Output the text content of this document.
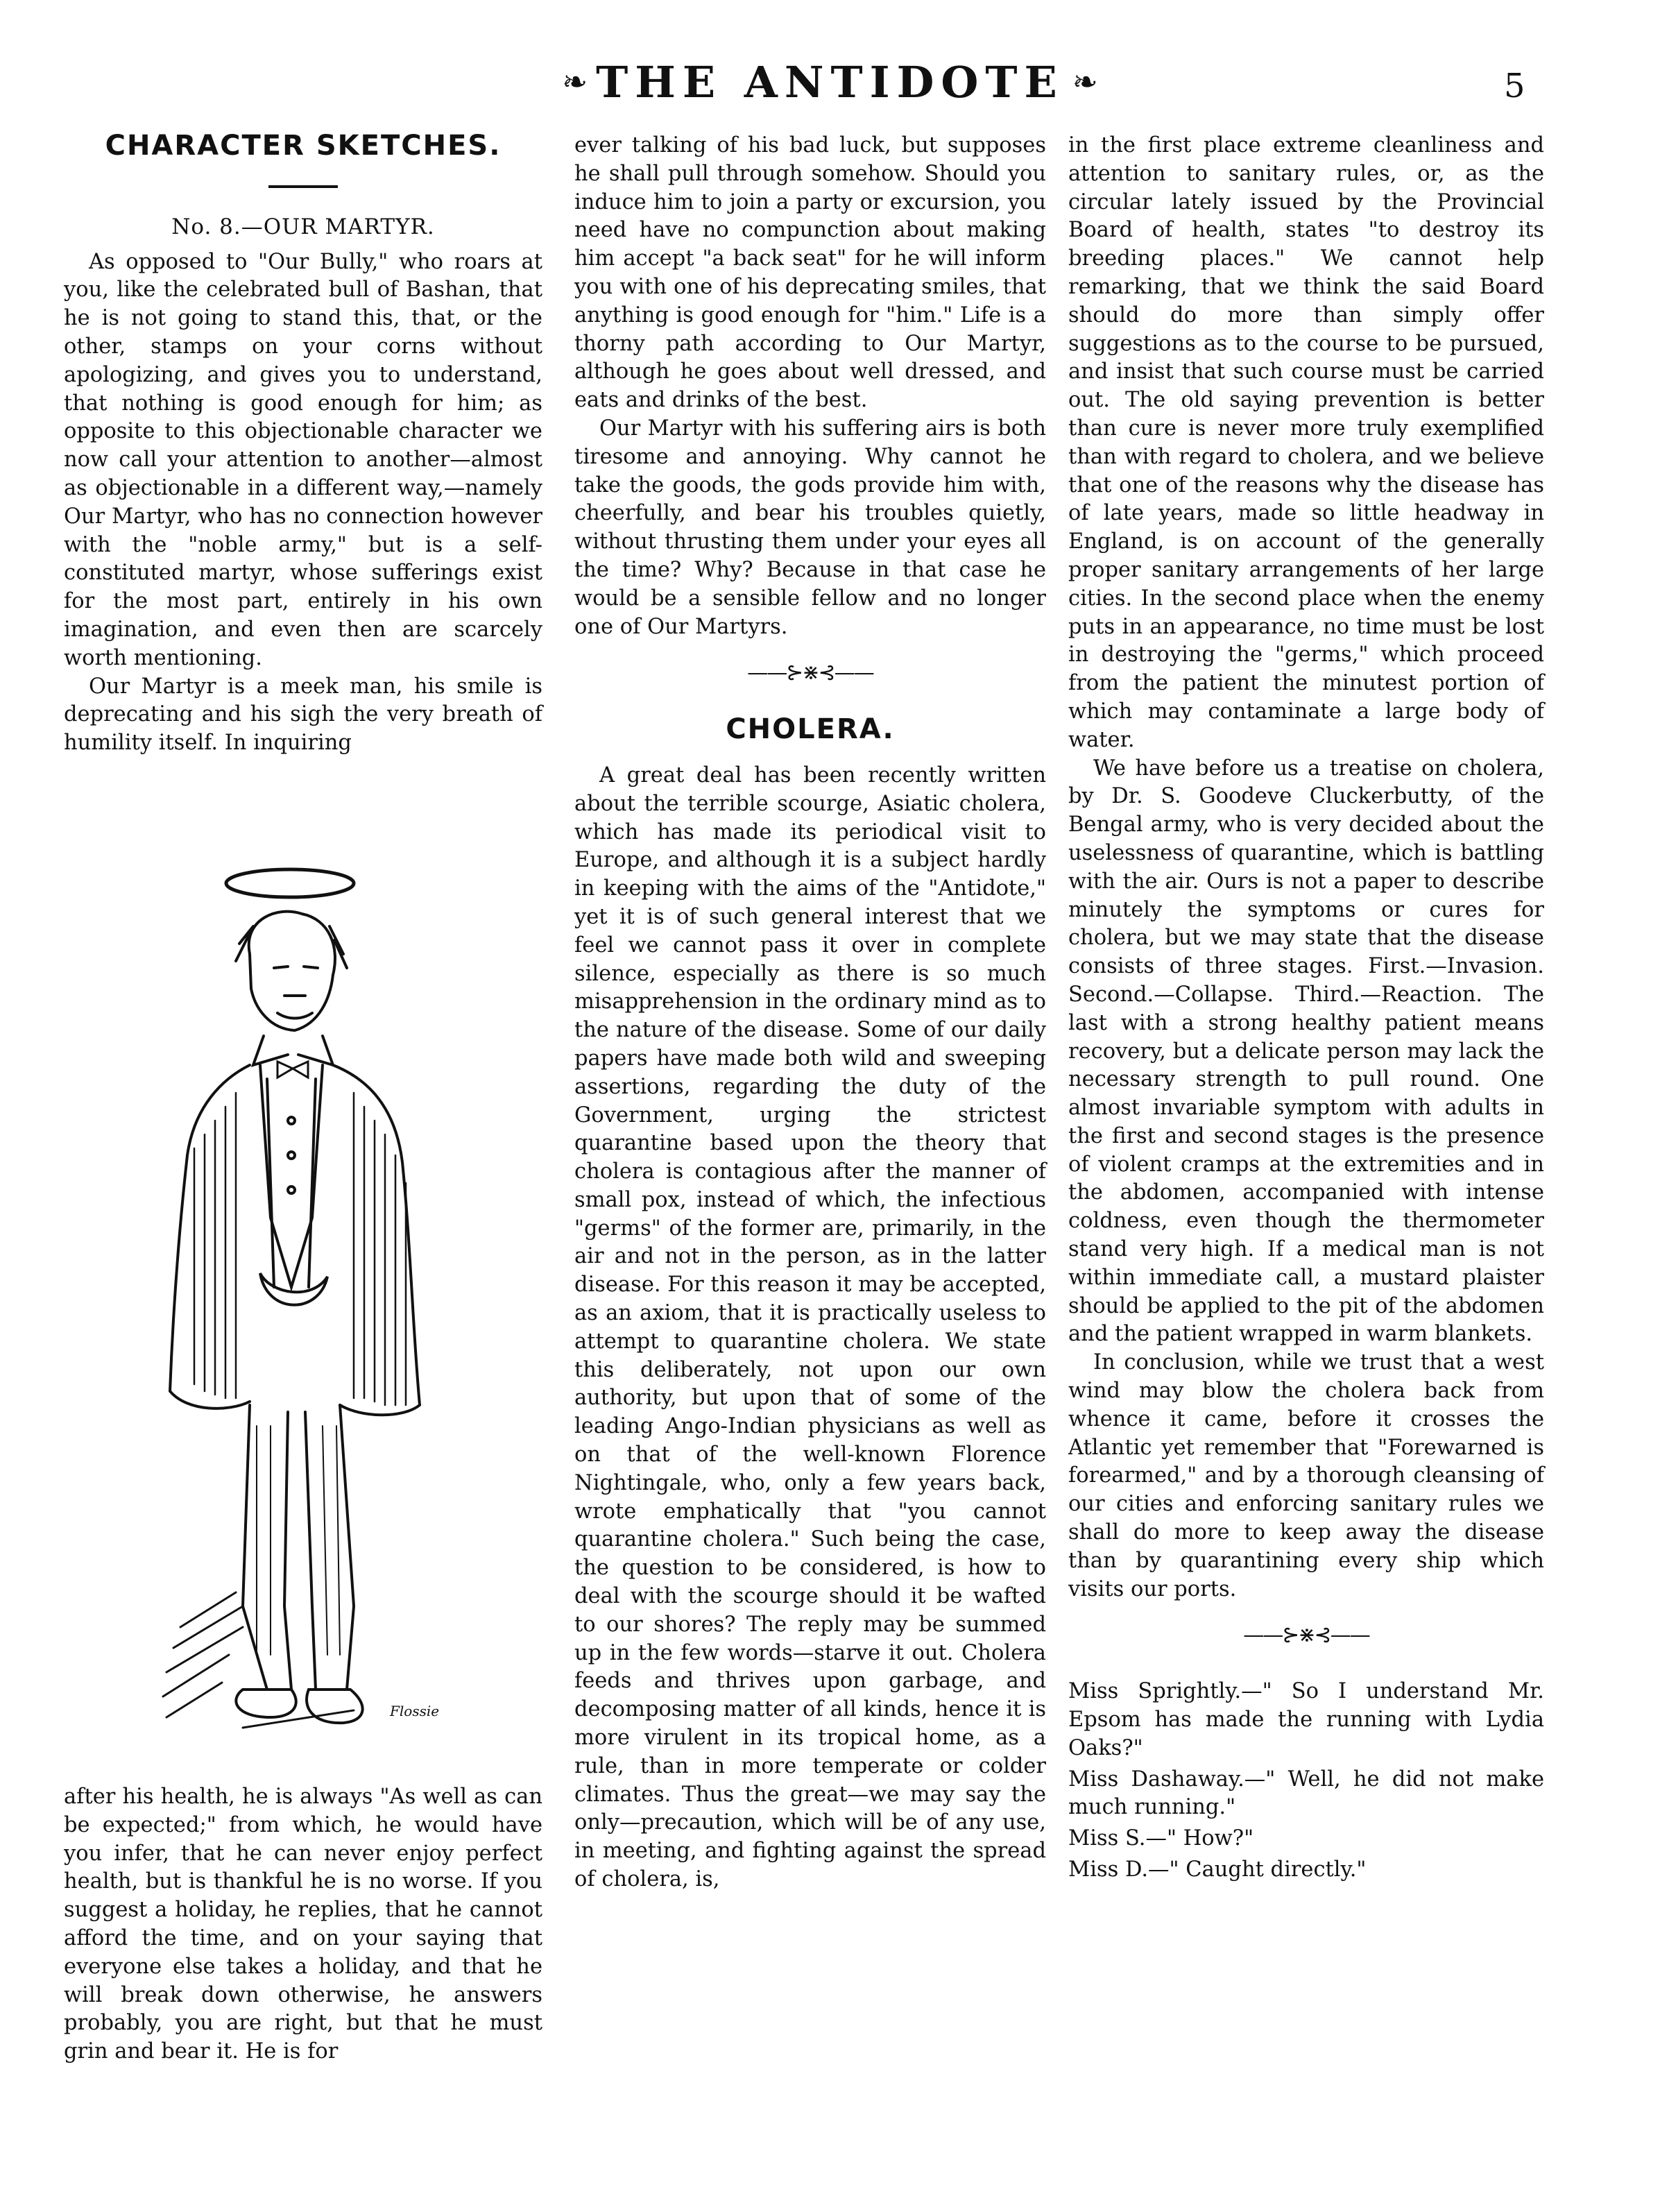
❧ THE ANTIDOTE ❧	5
CHARACTER SKETCHES.
No. 8.—OUR MARTYR.

As opposed to "Our Bully," who roars at you, like the celebrated bull of Bashan, that he is not going to stand this, that, or the other, stamps on your corns without apologizing, and gives you to understand, that nothing is good enough for him; as opposite to this objectionable character we now call your attention to another—almost as objectionable in a different way,—namely Our Martyr, who has no connection however with the "noble army," but is a self-constituted martyr, whose sufferings exist for the most part, entirely in his own imagination, and even then are scarcely worth mentioning.

Our Martyr is a meek man, his smile is deprecating and his sigh the very breath of humility itself. In inquiring

Flossie

after his health, he is always "As well as can be expected;" from which, he would have you infer, that he can never enjoy perfect health, but is thankful he is no worse. If you suggest a holiday, he replies, that he cannot afford the time, and on your saying that everyone else takes a holiday, and that he will break down otherwise, he answers probably, you are right, but that he must grin and bear it. He is for

ever talking of his bad luck, but supposes he shall pull through somehow. Should you induce him to join a party or excursion, you need have no compunction about making him accept "a back seat" for he will inform you with one of his deprecating smiles, that anything is good enough for "him." Life is a thorny path according to Our Martyr, although he goes about well dressed, and eats and drinks of the best.

Our Martyr with his suffering airs is both tiresome and annoying. Why cannot he take the goods, the gods provide him with, cheerfully, and bear his troubles quietly, without thrusting them under your eyes all the time? Why? Because in that case he would be a sensible fellow and no longer one of Our Martyrs.

——⊱⋇⊰——
CHOLERA.

A great deal has been recently written about the terrible scourge, Asiatic cholera, which has made its periodical visit to Europe, and although it is a subject hardly in keeping with the aims of the "Antidote," yet it is of such general interest that we feel we cannot pass it over in complete silence, especially as there is so much misapprehension in the ordinary mind as to the nature of the disease. Some of our daily papers have made both wild and sweeping assertions, regarding the duty of the Government, urging the strictest quarantine based upon the theory that cholera is contagious after the manner of small pox, instead of which, the infectious "germs" of the former are, primarily, in the air and not in the person, as in the latter disease. For this reason it may be accepted, as an axiom, that it is practically useless to attempt to quarantine cholera. We state this deliberately, not upon our own authority, but upon that of some of the leading Ango-Indian physicians as well as on that of the well-known Florence Nightingale, who, only a few years back, wrote emphatically that "you cannot quarantine cholera." Such being the case, the question to be considered, is how to deal with the scourge should it be wafted to our shores? The reply may be summed up in the few words—starve it out. Cholera feeds and thrives upon garbage, and decomposing matter of all kinds, hence it is more virulent in its tropical home, as a rule, than in more temperate or colder climates. Thus the great—we may say the only—precaution, which will be of any use, in meeting, and fighting against the spread of cholera, is,

in the first place extreme cleanliness and attention to sanitary rules, or, as the circular lately issued by the Provincial Board of health, states "to destroy its breeding places." We cannot help remarking, that we think the said Board should do more than simply offer suggestions as to the course to be pursued, and insist that such course must be carried out. The old saying prevention is better than cure is never more truly exemplified than with regard to cholera, and we believe that one of the reasons why the disease has of late years, made so little headway in England, is on account of the generally proper sanitary arrangements of her large cities. In the second place when the enemy puts in an appearance, no time must be lost in destroying the "germs," which proceed from the patient the minutest portion of which may contaminate a large body of water.

We have before us a treatise on cholera, by Dr. S. Goodeve Cluckerbutty, of the Bengal army, who is very decided about the uselessness of quarantine, which is battling with the air. Ours is not a paper to describe minutely the symptoms or cures for cholera, but we may state that the disease consists of three stages. First.—Invasion. Second.—Collapse. Third.—Reaction. The last with a strong healthy patient means recovery, but a delicate person may lack the necessary strength to pull round. One almost invariable symptom with adults in the first and second stages is the presence of violent cramps at the extremities and in the abdomen, accompanied with intense coldness, even though the thermometer stand very high. If a medical man is not within immediate call, a mustard plaister should be applied to the pit of the abdomen and the patient wrapped in warm blankets.

In conclusion, while we trust that a west wind may blow the cholera back from whence it came, before it crosses the Atlantic yet remember that "Forewarned is forearmed," and by a thorough cleansing of our cities and enforcing sanitary rules we shall do more to keep away the disease than by quarantining every ship which visits our ports.

——⊱⋇⊰——

Miss Sprightly.—" So I understand Mr. Epsom has made the running with Lydia Oaks?"

Miss Dashaway.—" Well, he did not make much running."

Miss S.—" How?"

Miss D.—" Caught directly."
